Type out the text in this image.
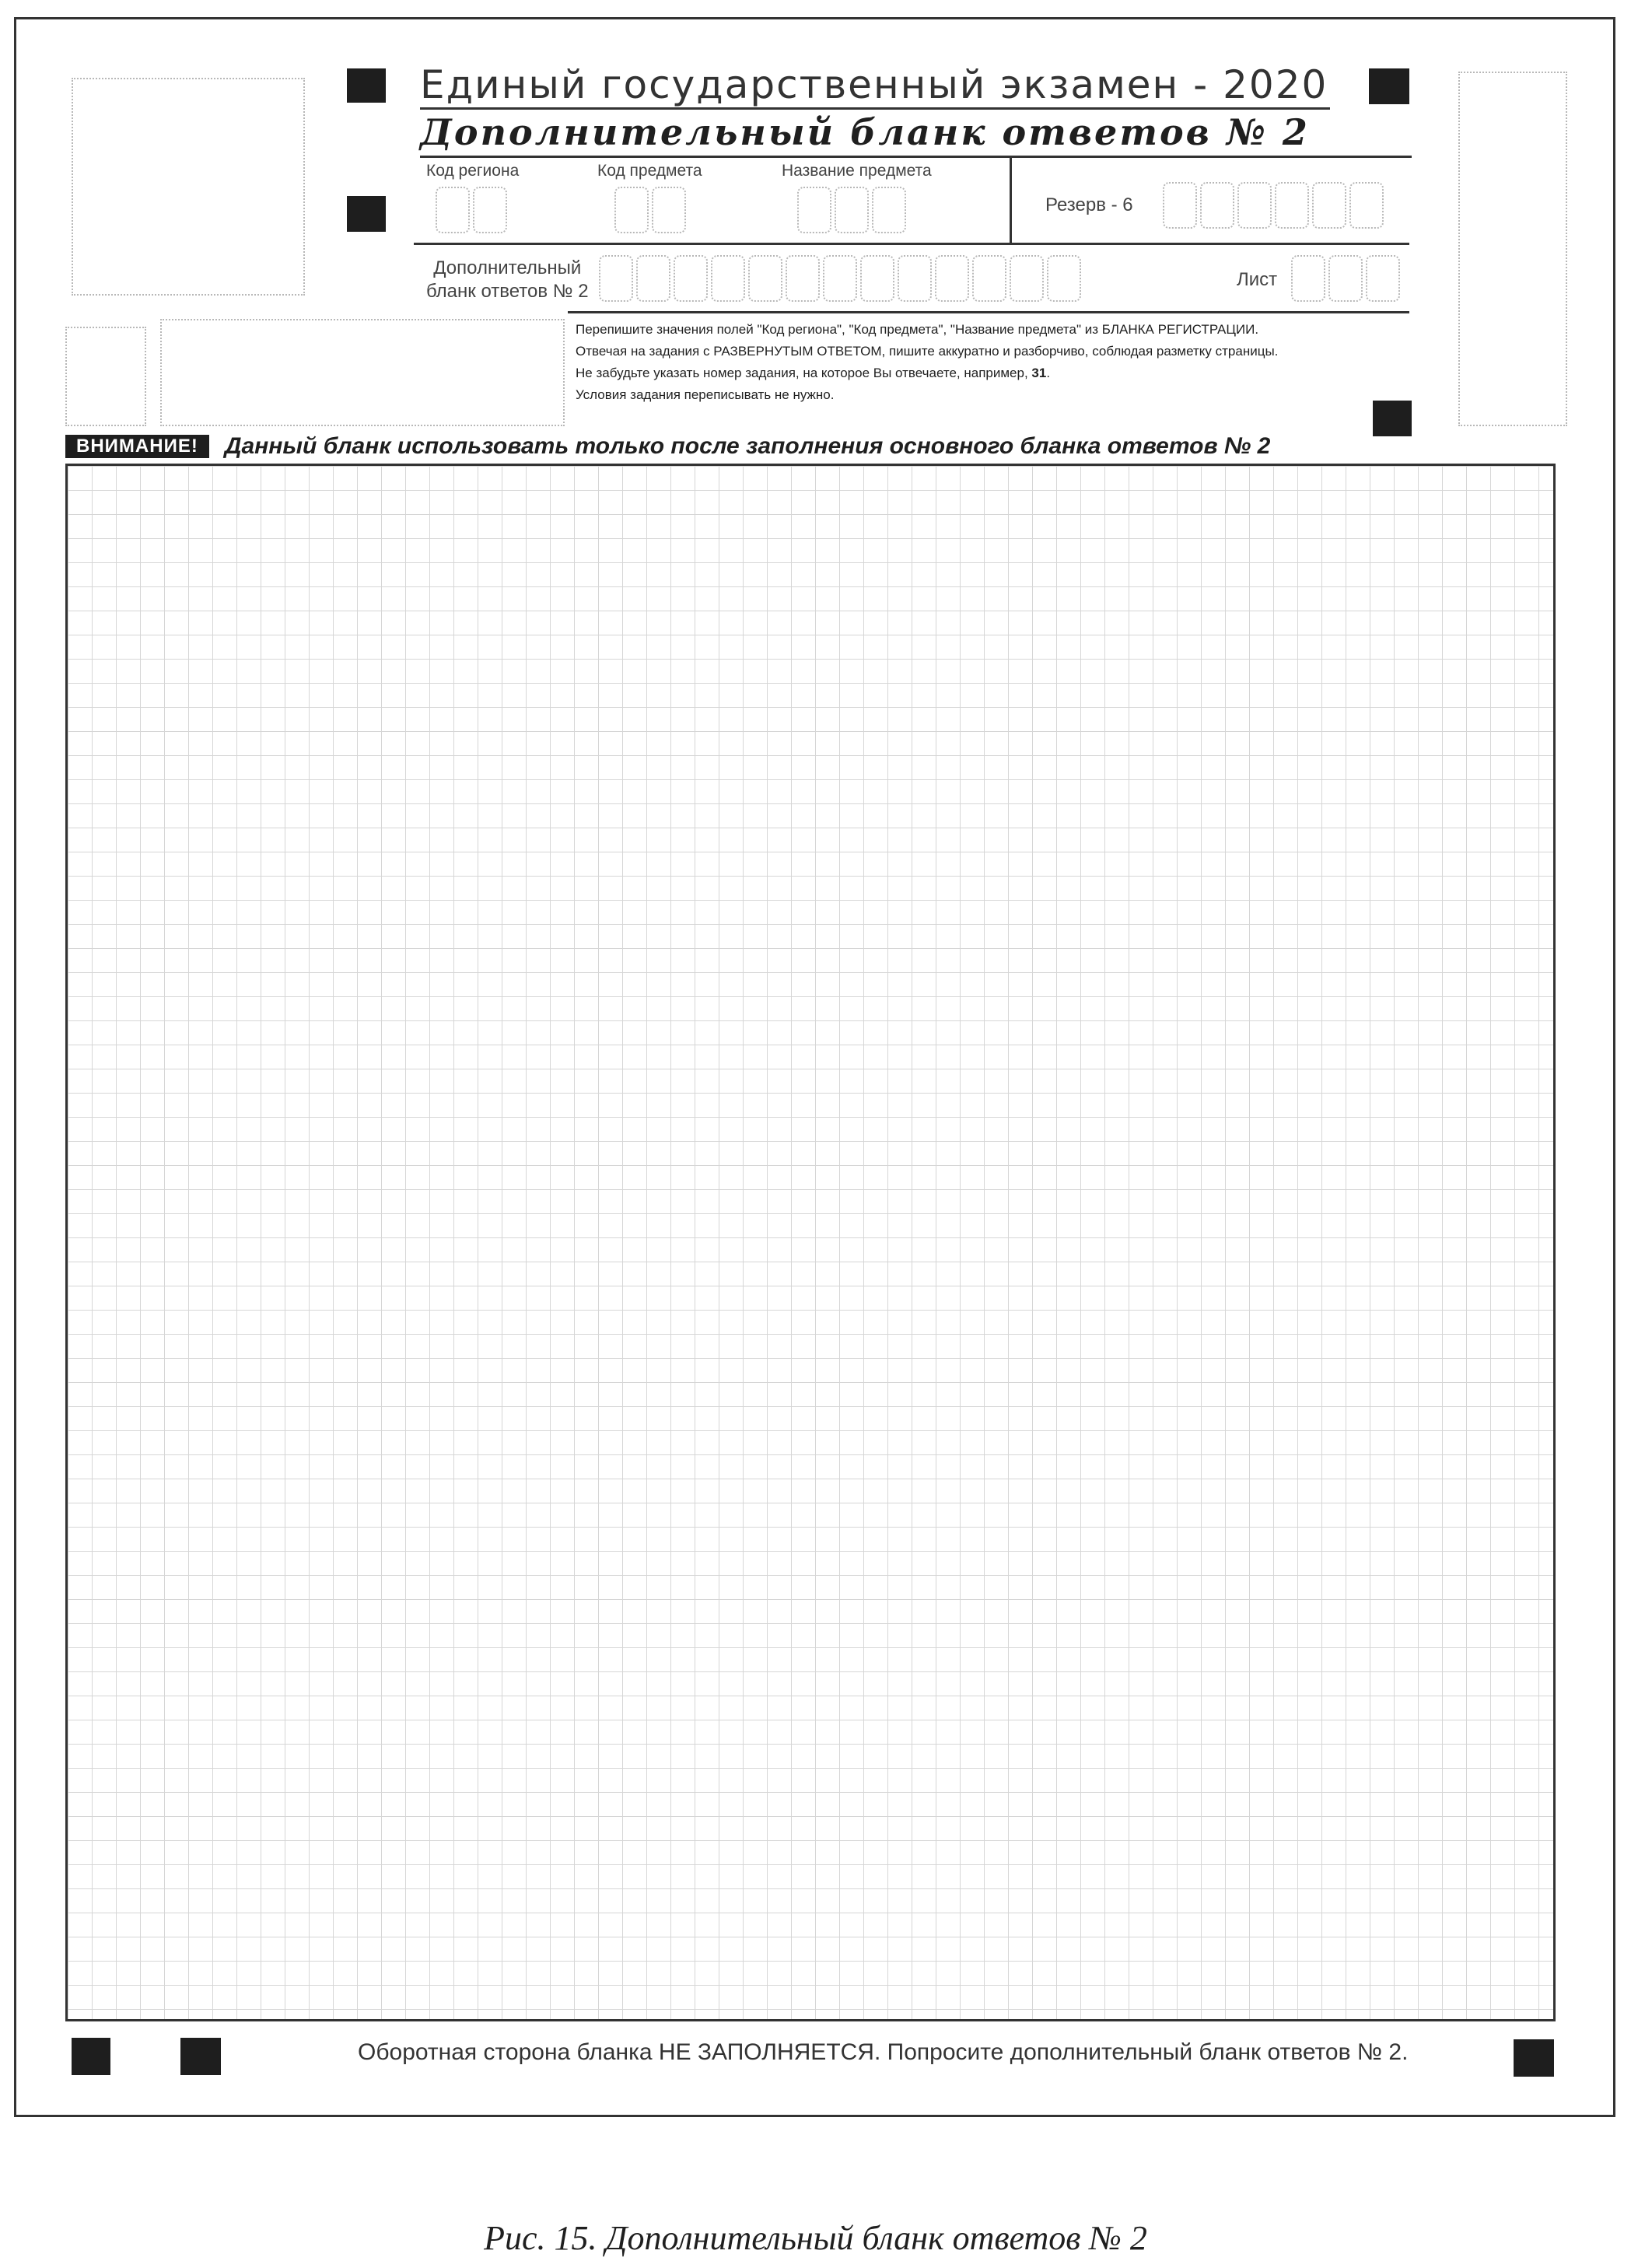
Единый государственный экзамен - 2020
Дополнительный бланк ответов № 2
Код региона	Код предмета	Название предмета
Резерв - 6
Дополнительный
бланк ответов № 2
Лист
Перепишите значения полей "Код региона", "Код предмета", "Название предмета" из БЛАНКА РЕГИСТРАЦИИ.
Отвечая на задания с РАЗВЕРНУТЫМ ОТВЕТОМ, пишите аккуратно и разборчиво, соблюдая разметку страницы.
Не забудьте указать номер задания, на которое Вы отвечаете, например, 31.
Условия задания переписывать не нужно.
ВНИМАНИЕ!	Данный бланк использовать только после заполнения основного бланка ответов № 2
Оборотная сторона бланка НЕ ЗАПОЛНЯЕТСЯ. Попросите дополнительный бланк ответов № 2.
Рис. 15. Дополнительный бланк ответов № 2
